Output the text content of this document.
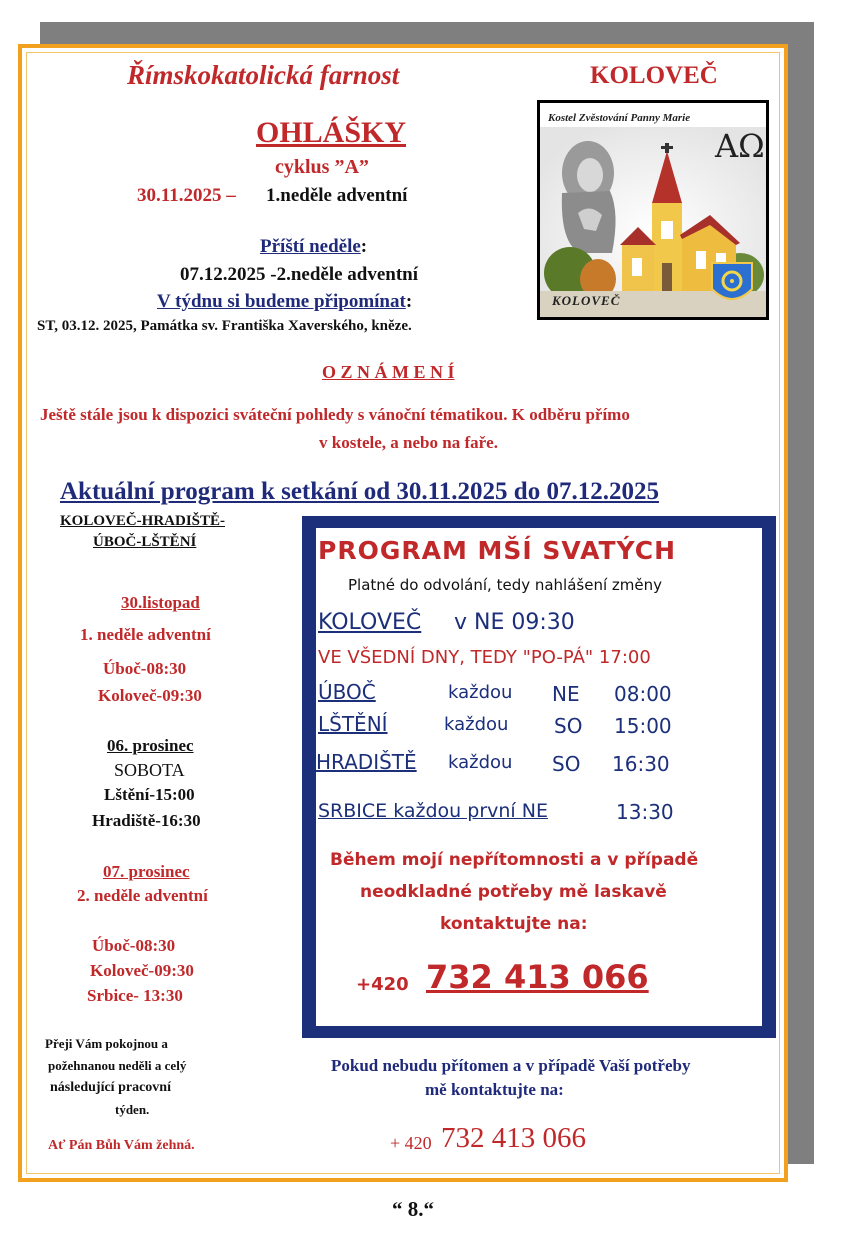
Římskokatolická farnost	KOLOVEČ
OHLÁŠKY
cyklus ”A”
30.11.2025 – 1.neděle adventní
Příští neděle:
07.12.2025 -2.neděle adventní
V týdnu si budeme připomínat:
ST, 03.12. 2025, Památka sv. Františka Xaverského, kněze.
Kostel Zvěstování Panny Marie
AΩ
KOLOVEČ
O Z N Á M E N Í
Ještě stále jsou k dispozici sváteční pohledy s vánoční tématikou. K odběru přímo
v kostele, a nebo na faře.
Aktuální program k setkání od 30.11.2025 do 07.12.2025
KOLOVEČ-HRADIŠTĚ-
ÚBOČ-LŠTĚNÍ
30.listopad
1. neděle adventní
Úboč-08:30
Koloveč-09:30
06. prosinec
SOBOTA
Lštění-15:00
Hradiště-16:30
07. prosinec
2. neděle adventní
Úboč-08:30
Koloveč-09:30
Srbice- 13:30
Přeji Vám pokojnou a
požehnanou neděli a celý
následující pracovní
týden.
Ať Pán Bůh Vám žehná.
PROGRAM MŠÍ SVATÝCH
Platné do odvolání, tedy nahlášení změny
KOLOVEČ v NE 09:30
VE VŠEDNÍ DNY, TEDY "PO-PÁ" 17:00
ÚBOČ	každou NE 08:00
LŠTĚNÍ	každou SO 15:00
HRADIŠTĚ každou SO 16:30
SRBICE každou první NE	13:30
Během mojí nepřítomnosti a v případě
neodkladné potřeby mě laskavě
kontaktujte na:
+420 732 413 066
Pokud nebudu přítomen a v případě Vaší potřeby
mě kontaktujte na:
+ 420 732 413 066
“ 8.“
